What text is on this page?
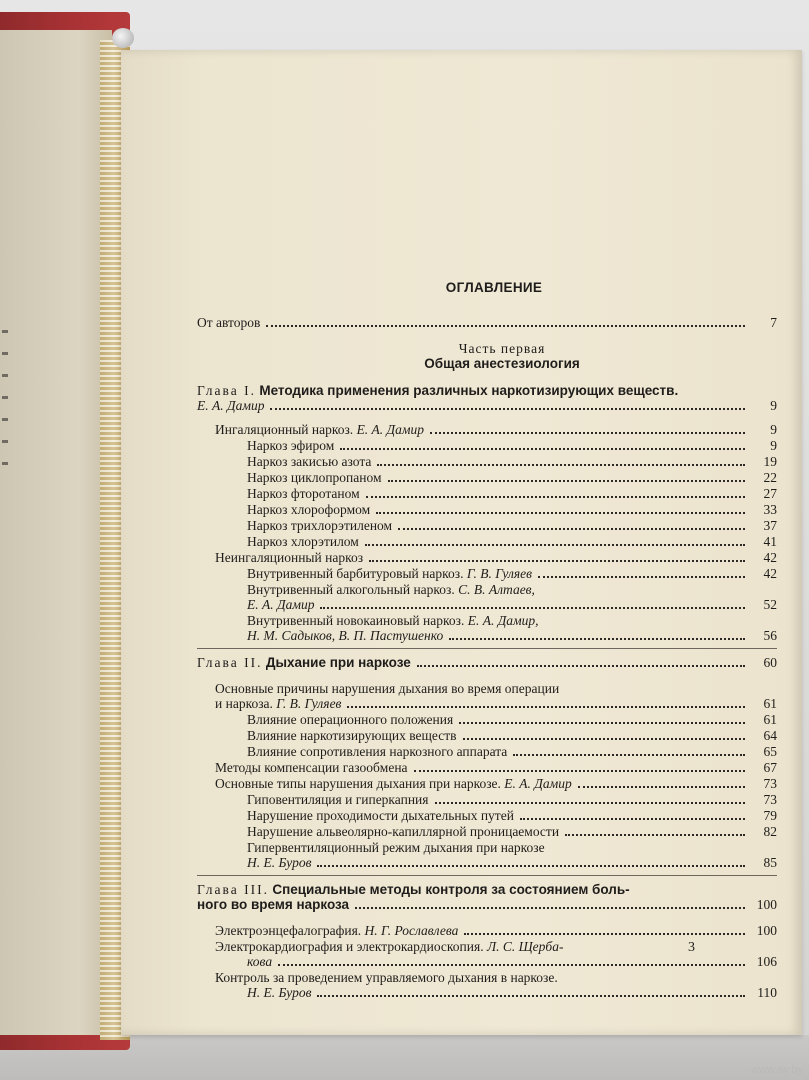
ОГЛАВЛЕНИЕ
От авторов	7
Часть первая
Общая анестезиология
Глава I. Методика применения различных наркотизирующих веществ.
Е. А. Дамир	9
Ингаляционный наркоз. Е. А. Дамир	9
Наркоз эфиром	9
Наркоз закисью азота	19
Наркоз циклопропаном	22
Наркоз фторотаном	27
Наркоз хлороформом	33
Наркоз трихлорэтиленом	37
Наркоз хлорэтилом	41
Неингаляционный наркоз	42
Внутривенный барбитуровый наркоз. Г. В. Гуляев	42
Внутривенный алкогольный наркоз. С. В. Алтаев,
Е. А. Дамир	52
Внутривенный новокаиновый наркоз. Е. А. Дамир,
Н. М. Садыков, В. П. Пастушенко	56
Глава II. Дыхание при наркозе	60
Основные причины нарушения дыхания во время операции
и наркоза. Г. В. Гуляев	61
Влияние операционного положения	61
Влияние наркотизирующих веществ	64
Влияние сопротивления наркозного аппарата	65
Методы компенсации газообмена	67
Основные типы нарушения дыхания при наркозе. Е. А. Дамир	73
Гиповентиляция и гиперкапния	73
Нарушение проходимости дыхательных путей	79
Нарушение альвеолярно-капиллярной проницаемости	82
Гипервентиляционный режим дыхания при наркозе
Н. Е. Буров	85
Глава III. Специальные методы контроля за состоянием боль-
ного во время наркоза	100
Электроэнцефалография. Н. Г. Рославлева	100
Электрокардиография и электрокардиоскопия. Л. С. Щерба-
кова	106
Контроль за проведением управляемого дыхания в наркозе.
Н. Е. Буров	110
3
www.ay.by
